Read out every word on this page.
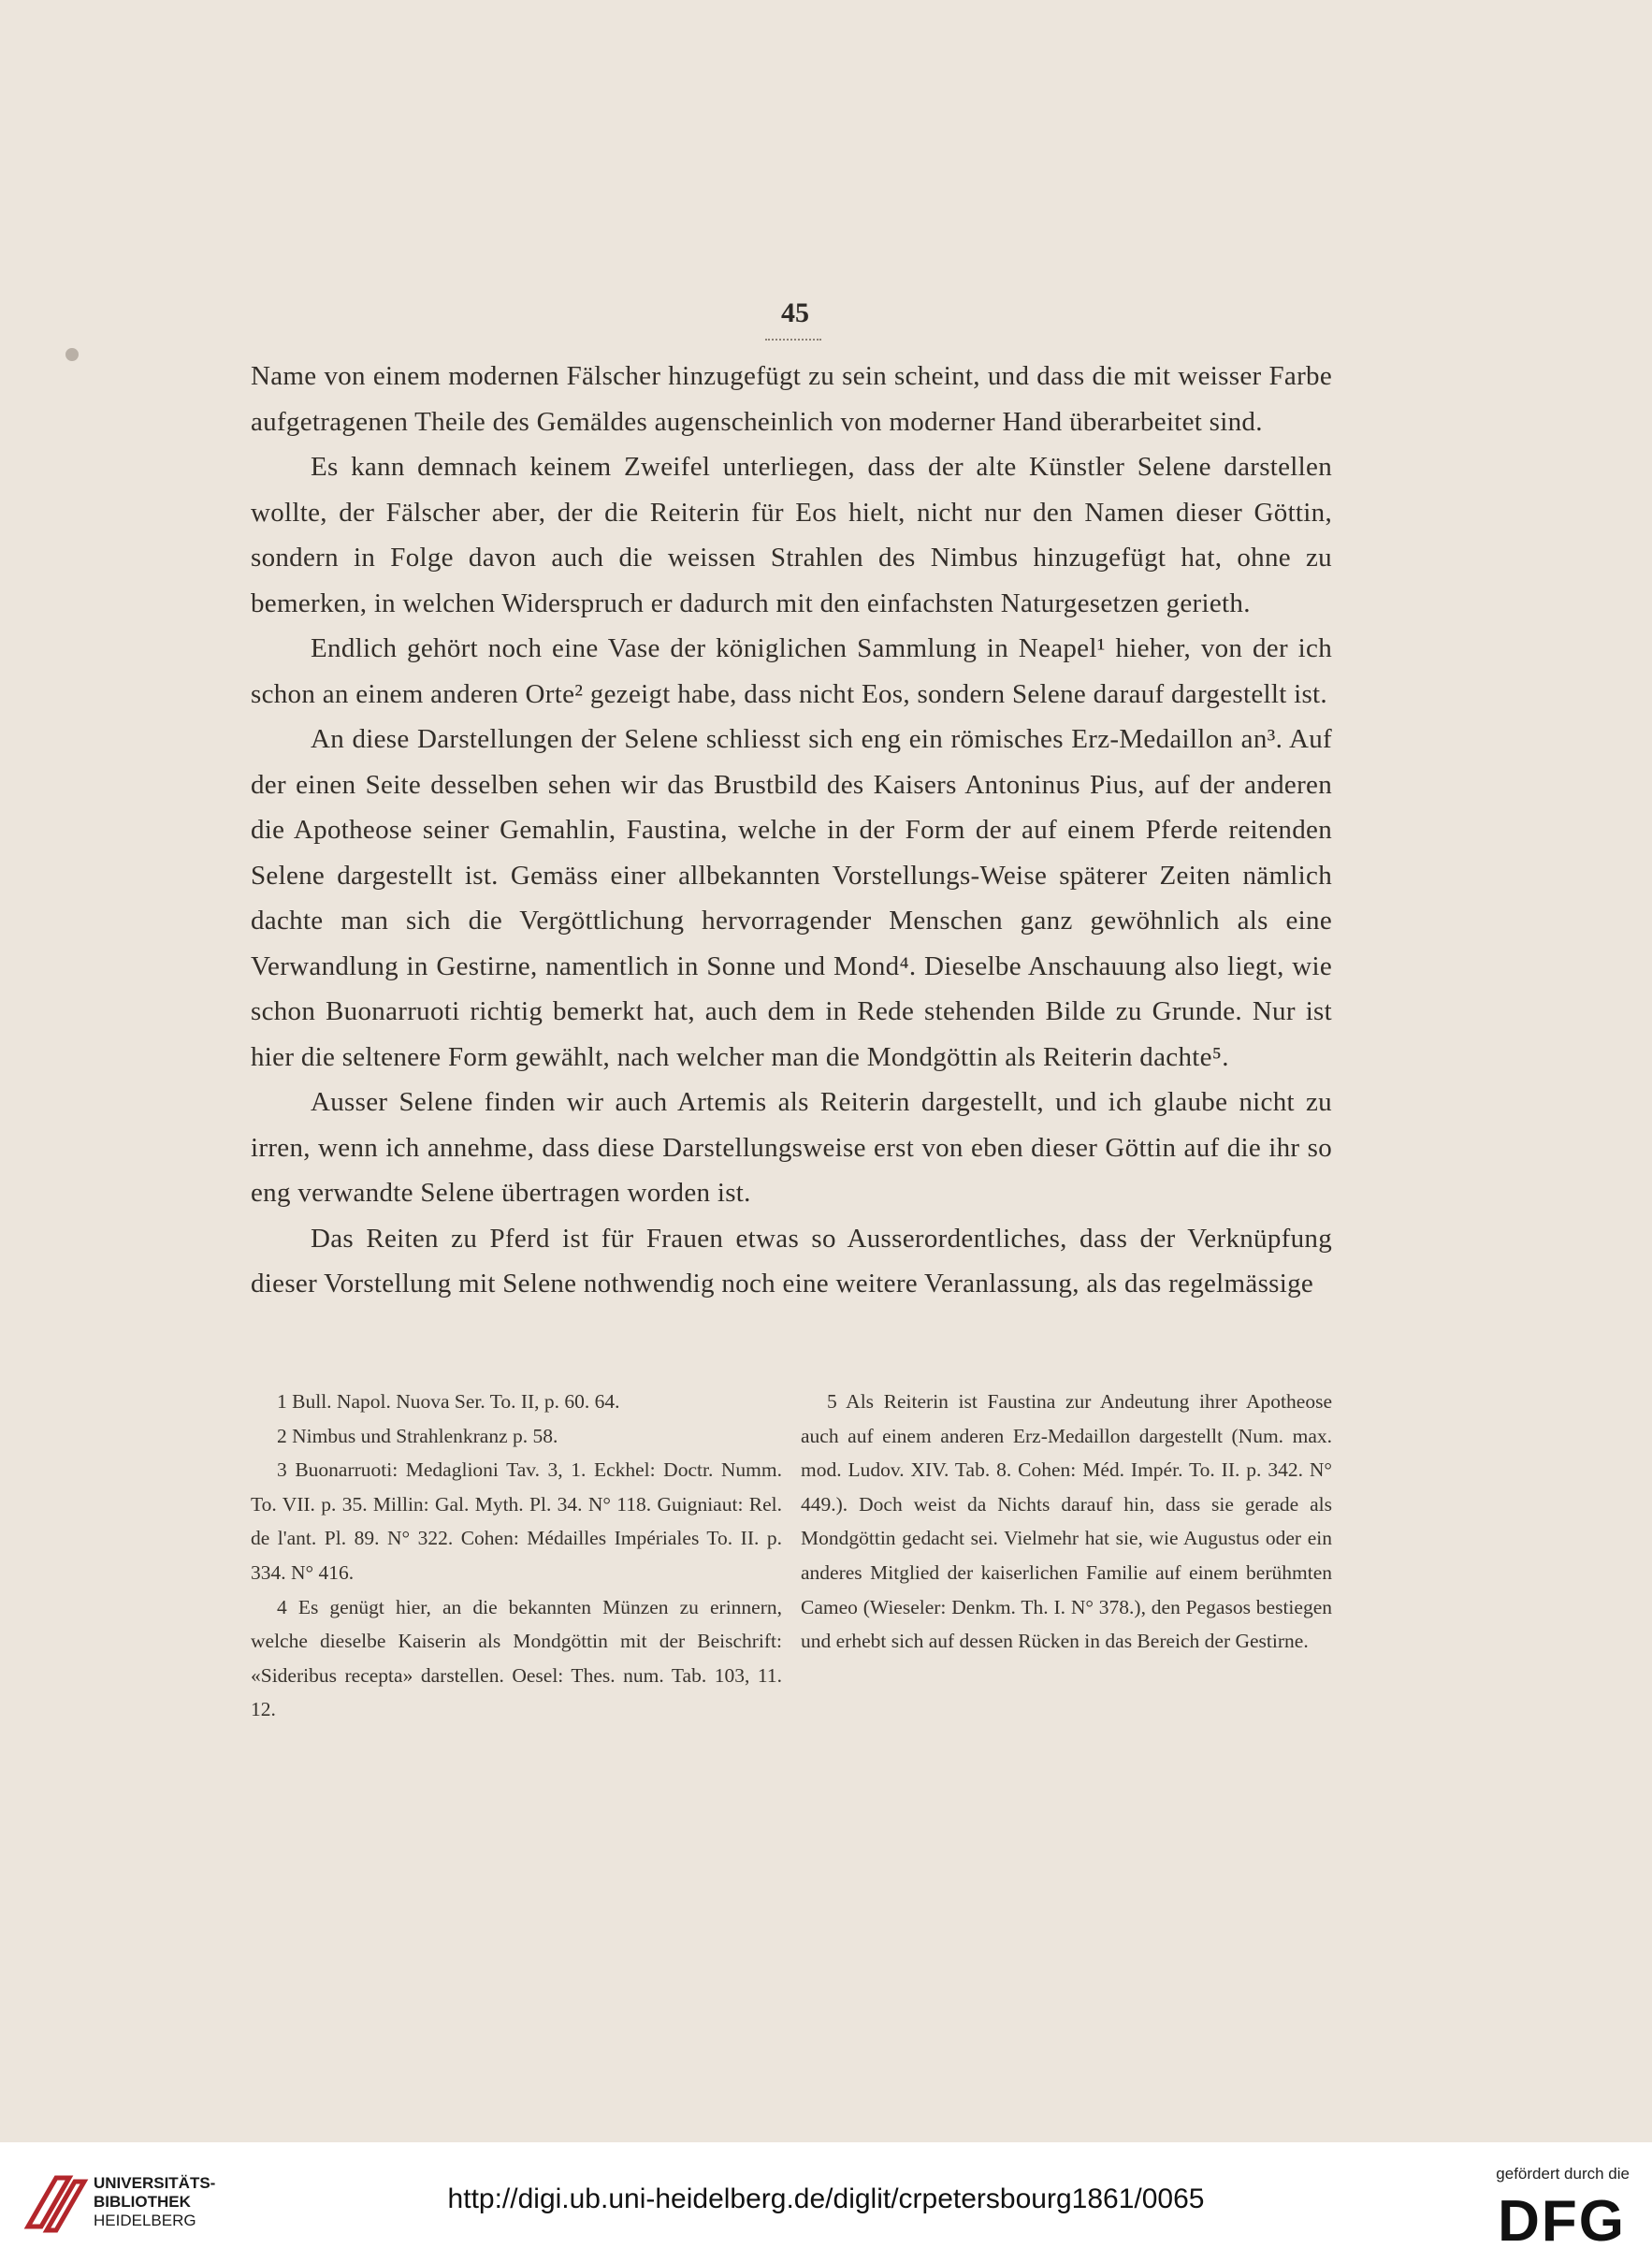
45

Name von einem modernen Fälscher hinzugefügt zu sein scheint, und dass die mit weisser Farbe aufgetragenen Theile des Gemäldes augenscheinlich von moderner Hand überarbeitet sind.

Es kann demnach keinem Zweifel unterliegen, dass der alte Künstler Selene darstellen wollte, der Fälscher aber, der die Reiterin für Eos hielt, nicht nur den Namen dieser Göttin, sondern in Folge davon auch die weissen Strahlen des Nimbus hinzugefügt hat, ohne zu bemerken, in welchen Widerspruch er dadurch mit den einfachsten Naturgesetzen gerieth.

Endlich gehört noch eine Vase der königlichen Sammlung in Neapel¹ hieher, von der ich schon an einem anderen Orte² gezeigt habe, dass nicht Eos, sondern Selene darauf dargestellt ist.

An diese Darstellungen der Selene schliesst sich eng ein römisches Erz-Medaillon an³. Auf der einen Seite desselben sehen wir das Brustbild des Kaisers Antoninus Pius, auf der anderen die Apotheose seiner Gemahlin, Faustina, welche in der Form der auf einem Pferde reitenden Selene dargestellt ist. Gemäss einer allbekannten Vorstellungs-Weise späterer Zeiten nämlich dachte man sich die Vergöttlichung hervorragender Menschen ganz gewöhnlich als eine Verwandlung in Gestirne, namentlich in Sonne und Mond⁴. Dieselbe Anschauung also liegt, wie schon Buonarruoti richtig bemerkt hat, auch dem in Rede stehenden Bilde zu Grunde. Nur ist hier die seltenere Form gewählt, nach welcher man die Mondgöttin als Reiterin dachte⁵.

Ausser Selene finden wir auch Artemis als Reiterin dargestellt, und ich glaube nicht zu irren, wenn ich annehme, dass diese Darstellungsweise erst von eben dieser Göttin auf die ihr so eng verwandte Selene übertragen worden ist.

Das Reiten zu Pferd ist für Frauen etwas so Ausserordentliches, dass der Verknüpfung dieser Vorstellung mit Selene nothwendig noch eine weitere Veranlassung, als das regelmässige

1 Bull. Napol. Nuova Ser. To. II, p. 60. 64.

2 Nimbus und Strahlenkranz p. 58.

3 Buonarruoti: Medaglioni Tav. 3, 1. Eckhel: Doctr. Numm. To. VII. p. 35. Millin: Gal. Myth. Pl. 34. N° 118. Guigniaut: Rel. de l'ant. Pl. 89. N° 322. Cohen: Médailles Impériales To. II. p. 334. N° 416.

4 Es genügt hier, an die bekannten Münzen zu erinnern, welche dieselbe Kaiserin als Mondgöttin mit der Beischrift: «Sideribus recepta» darstellen. Oesel: Thes. num. Tab. 103, 11. 12.

5 Als Reiterin ist Faustina zur Andeutung ihrer Apotheose auch auf einem anderen Erz-Medaillon dargestellt (Num. max. mod. Ludov. XIV. Tab. 8. Cohen: Méd. Impér. To. II. p. 342. N° 449.). Doch weist da Nichts darauf hin, dass sie gerade als Mondgöttin gedacht sei. Vielmehr hat sie, wie Augustus oder ein anderes Mitglied der kaiserlichen Familie auf einem berühmten Cameo (Wieseler: Denkm. Th. I. N° 378.), den Pegasos bestiegen und erhebt sich auf dessen Rücken in das Bereich der Gestirne.

UNIVERSITÄTS-
BIBLIOTHEK
HEIDELBERG
http://digi.ub.uni-heidelberg.de/diglit/crpetersbourg1861/0065
gefördert durch die
DFG
